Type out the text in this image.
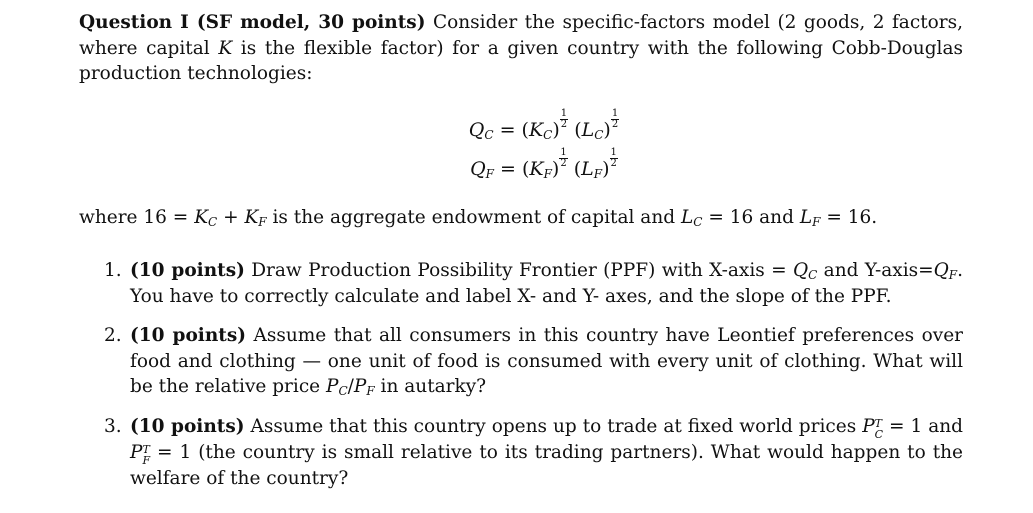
Question I (SF model, 30 points) Consider the specific-factors model (2 goods, 2 factors, where capital K is the flexible factor) for a given country with the following Cobb-Douglas production technologies:

$Q_C = (K_C) \frac{1}{2} (L_C) \frac{1}{2}$
$Q_F = (K_F) \frac{1}{2} (L_F) \frac{1}{2}$

where $16 = K_C + K_F$ is the aggregate endowment of capital and $L_C = 16$ and $L_F = 16$.

1. (10 points) Draw Production Possibility Frontier (PPF) with X-axis = $Q_C$ and $Y-axis=Q_F$. You have to correctly calculate and label X- and Y- axes, and the slope of the PPF.

2. (10 points) Assume that all consumers in this country have Leontief preferences over food and clothing — one unit of food is consumed with every unit of clothing. What will be the relative price $P_C/P_F$ in autarky?

3. (10 points) Assume that this country opens up to trade at fixed world prices P T
C = 1 and P T
F = 1 (the country is small relative to its trading partners). What would happen to the welfare of the country?
